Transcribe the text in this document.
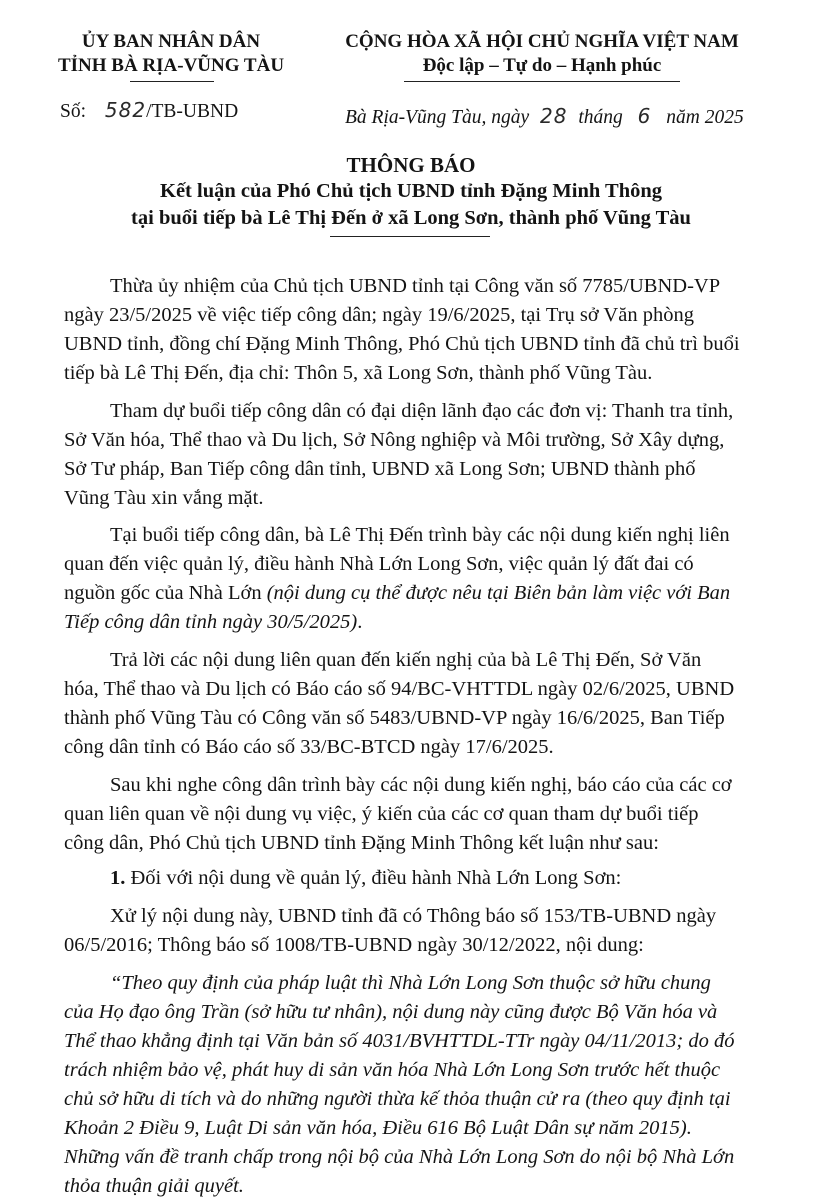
ỦY BAN NHÂN DÂN
TỈNH BÀ RỊA-VŨNG TÀU
CỘNG HÒA XÃ HỘI CHỦ NGHĨA VIỆT NAM
Độc lập – Tự do – Hạnh phúc
Số: 582/TB-UBND	Bà Rịa-Vũng Tàu, ngày 28 tháng 6 năm 2025
THÔNG BÁO
Kết luận của Phó Chủ tịch UBND tỉnh Đặng Minh Thông
tại buổi tiếp bà Lê Thị Đến ở xã Long Sơn, thành phố Vũng Tàu
Thừa ủy nhiệm của Chủ tịch UBND tỉnh tại Công văn số 7785/UBND-VP
ngày 23/5/2025 về việc tiếp công dân; ngày 19/6/2025, tại Trụ sở Văn phòng
UBND tỉnh, đồng chí Đặng Minh Thông, Phó Chủ tịch UBND tỉnh đã chủ trì buổi
tiếp bà Lê Thị Đến, địa chỉ: Thôn 5, xã Long Sơn, thành phố Vũng Tàu.
Tham dự buổi tiếp công dân có đại diện lãnh đạo các đơn vị: Thanh tra tỉnh,
Sở Văn hóa, Thể thao và Du lịch, Sở Nông nghiệp và Môi trường, Sở Xây dựng,
Sở Tư pháp, Ban Tiếp công dân tỉnh, UBND xã Long Sơn; UBND thành phố
Vũng Tàu xin vắng mặt.
Tại buổi tiếp công dân, bà Lê Thị Đến trình bày các nội dung kiến nghị liên
quan đến việc quản lý, điều hành Nhà Lớn Long Sơn, việc quản lý đất đai có
nguồn gốc của Nhà Lớn (nội dung cụ thể được nêu tại Biên bản làm việc với Ban
Tiếp công dân tỉnh ngày 30/5/2025).
Trả lời các nội dung liên quan đến kiến nghị của bà Lê Thị Đến, Sở Văn
hóa, Thể thao và Du lịch có Báo cáo số 94/BC-VHTTDL ngày 02/6/2025, UBND
thành phố Vũng Tàu có Công văn số 5483/UBND-VP ngày 16/6/2025, Ban Tiếp
công dân tỉnh có Báo cáo số 33/BC-BTCD ngày 17/6/2025.
Sau khi nghe công dân trình bày các nội dung kiến nghị, báo cáo của các cơ
quan liên quan về nội dung vụ việc, ý kiến của các cơ quan tham dự buổi tiếp
công dân, Phó Chủ tịch UBND tỉnh Đặng Minh Thông kết luận như sau:
1. Đối với nội dung về quản lý, điều hành Nhà Lớn Long Sơn:
Xử lý nội dung này, UBND tỉnh đã có Thông báo số 153/TB-UBND ngày
06/5/2016; Thông báo số 1008/TB-UBND ngày 30/12/2022, nội dung:
“Theo quy định của pháp luật thì Nhà Lớn Long Sơn thuộc sở hữu chung
của Họ đạo ông Trần (sở hữu tư nhân), nội dung này cũng được Bộ Văn hóa và
Thể thao khẳng định tại Văn bản số 4031/BVHTTDL-TTr ngày 04/11/2013; do đó
trách nhiệm bảo vệ, phát huy di sản văn hóa Nhà Lớn Long Sơn trước hết thuộc
chủ sở hữu di tích và do những người thừa kế thỏa thuận cử ra (theo quy định tại
Khoản 2 Điều 9, Luật Di sản văn hóa, Điều 616 Bộ Luật Dân sự năm 2015).
Những vấn đề tranh chấp trong nội bộ của Nhà Lớn Long Sơn do nội bộ Nhà Lớn
thỏa thuận giải quyết.
